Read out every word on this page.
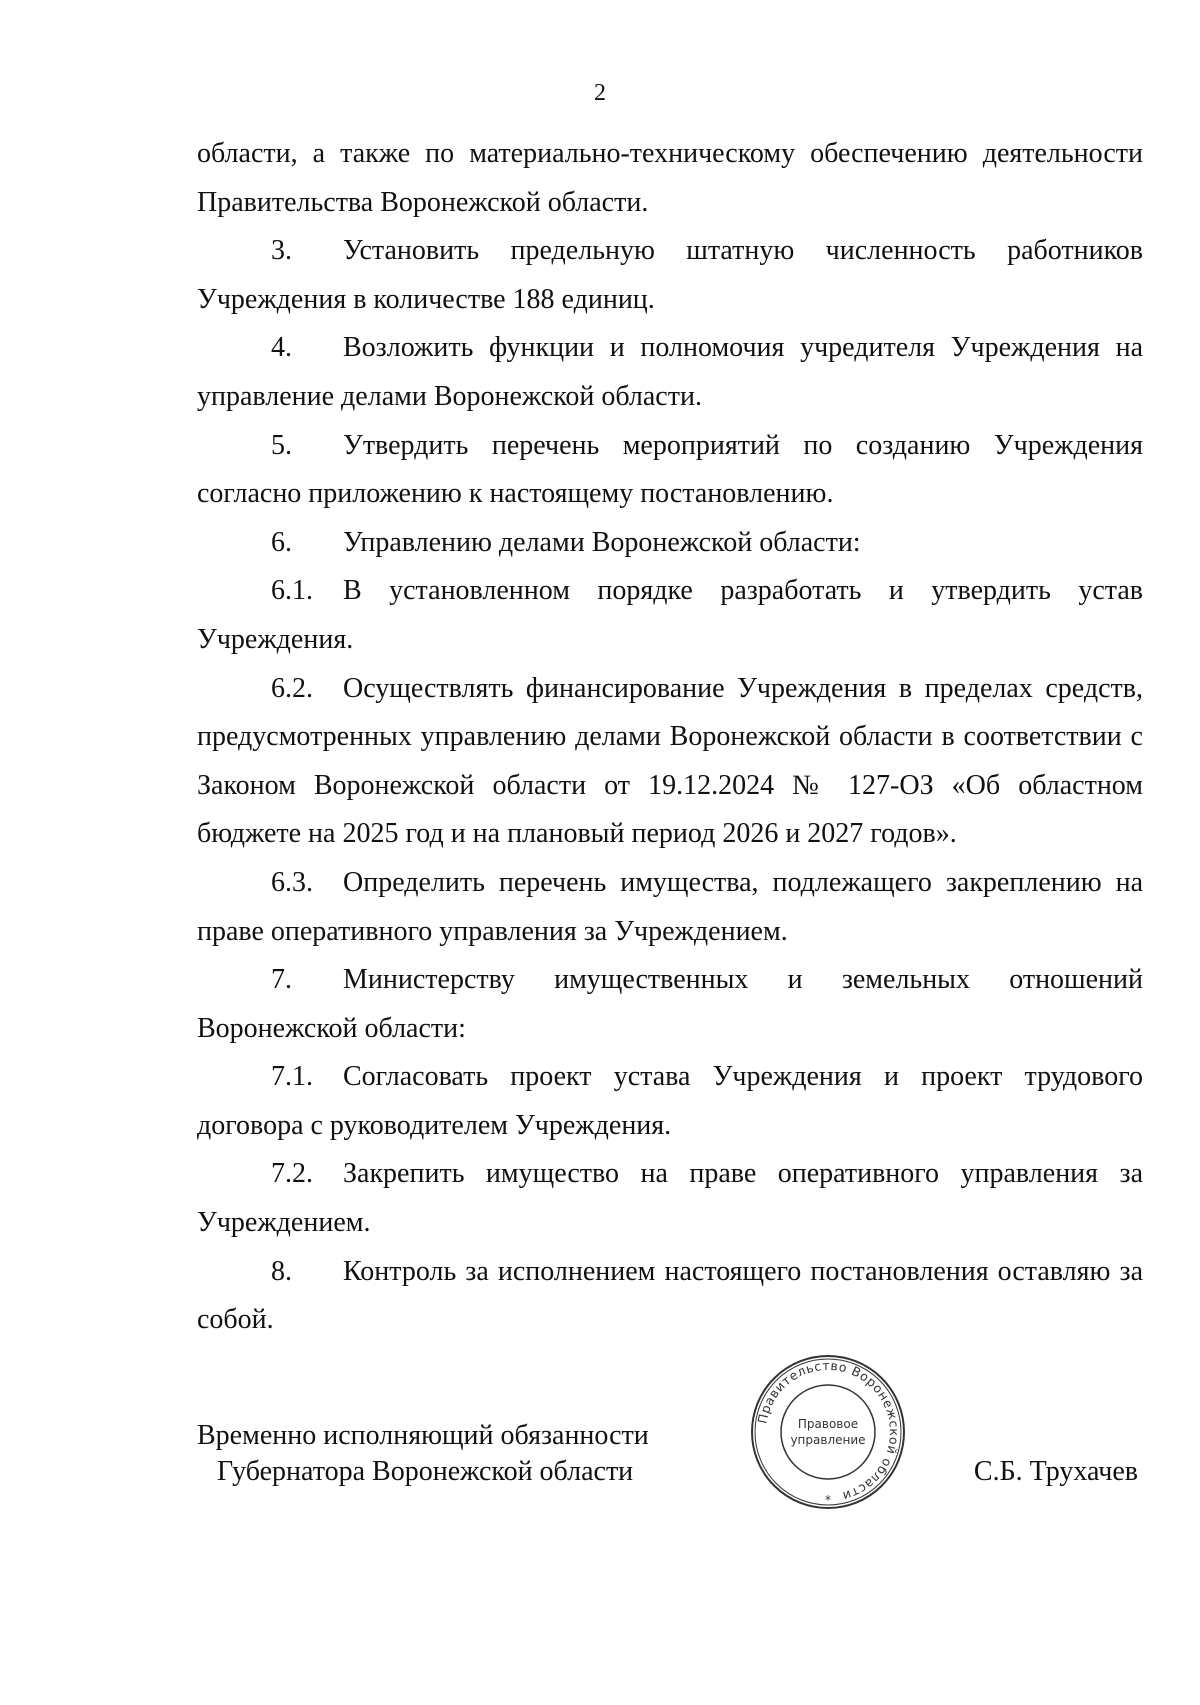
2

области, а также по материально-техническому обеспечению деятельности Правительства Воронежской области.

3. Установить предельную штатную численность работников Учреждения в количестве 188 единиц.

4. Возложить функции и полномочия учредителя Учреждения на управление делами Воронежской области.

5. Утвердить перечень мероприятий по созданию Учреждения согласно приложению к настоящему постановлению.

6. Управлению делами Воронежской области:

6.1. В установленном порядке разработать и утвердить устав Учреждения.

6.2. Осуществлять финансирование Учреждения в пределах средств, предусмотренных управлению делами Воронежской области в соответствии с Законом Воронежской области от 19.12.2024 № 127-ОЗ «Об областном бюджете на 2025 год и на плановый период 2026 и 2027 годов».

6.3. Определить перечень имущества, подлежащего закреплению на праве оперативного управления за Учреждением.

7. Министерству имущественных и земельных отношений Воронежской области:

7.1. Согласовать проект устава Учреждения и проект трудового договора с руководителем Учреждения.

7.2. Закрепить имущество на праве оперативного управления за Учреждением.

8. Контроль за исполнением настоящего постановления оставляю за собой.

Временно исполняющий обязанности
Губернатора Воронежской области	С.Б. Трухачев
Правительство Воронежской области
Правовое
управление
*
